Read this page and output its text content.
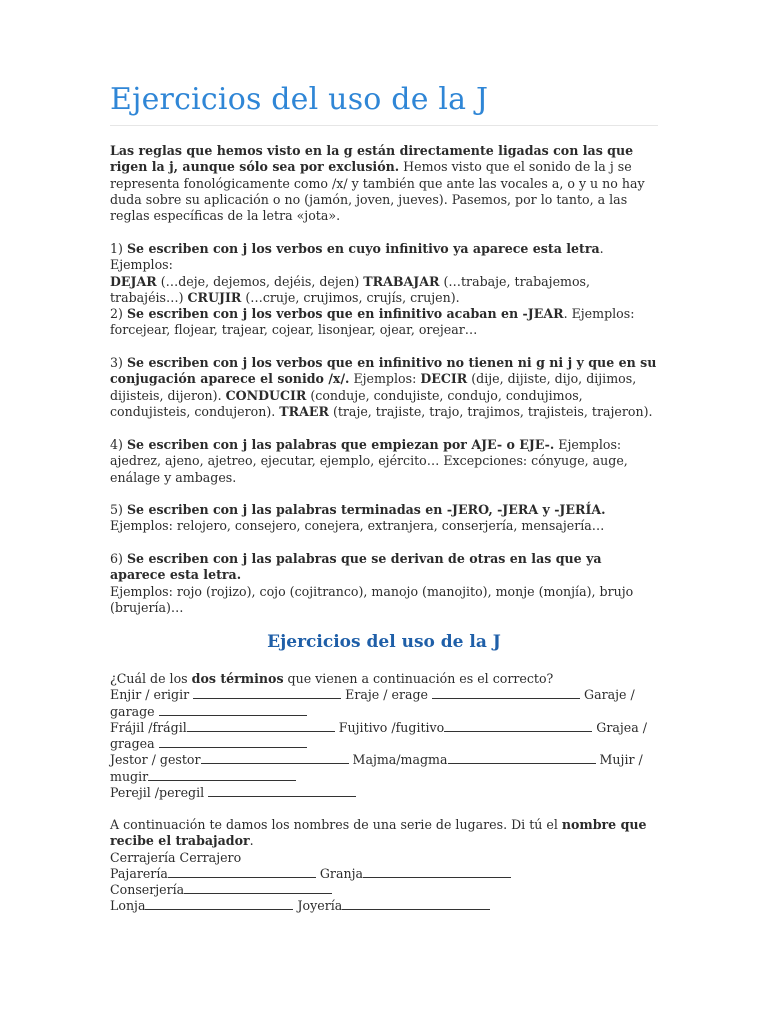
Ejercicios del uso de la J
Las reglas que hemos visto en la g están directamente ligadas con las que rigen la j, aunque sólo sea por exclusión. Hemos visto que el sonido de la j se representa fonológicamente como /x/ y también que ante las vocales a, o y u no hay duda sobre su aplicación o no (jamón, joven, jueves). Pasemos, por lo tanto, a las reglas específicas de la letra «jota».
1) Se escriben con j los verbos en cuyo infinitivo ya aparece esta letra. Ejemplos:
DEJAR (…deje, dejemos, dejéis, dejen) TRABAJAR (…trabaje, trabajemos, trabajéis…) CRUJIR (…cruje, crujimos, crujís, crujen).
2) Se escriben con j los verbos que en infinitivo acaban en -JEAR. Ejemplos: forcejear, flojear, trajear, cojear, lisonjear, ojear, orejear…
3) Se escriben con j los verbos que en infinitivo no tienen ni g ni j y que en su conjugación aparece el sonido /x/. Ejemplos: DECIR (dije, dijiste, dijo, dijimos, dijisteis, dijeron). CONDUCIR (conduje, condujiste, condujo, condujimos, condujisteis, condujeron). TRAER (traje, trajiste, trajo, trajimos, trajisteis, trajeron).
4) Se escriben con j las palabras que empiezan por AJE- o EJE-. Ejemplos: ajedrez, ajeno, ajetreo, ejecutar, ejemplo, ejército… Excepciones: cónyuge, auge, enálage y ambages.
5) Se escriben con j las palabras terminadas en -JERO, -JERA y -JERÍA. Ejemplos: relojero, consejero, conejera, extranjera, conserjería, mensajería…
6) Se escriben con j las palabras que se derivan de otras en las que ya aparece esta letra.
Ejemplos: rojo (rojizo), cojo (cojitranco), manojo (manojito), monje (monjía), brujo (brujería)…
Ejercicios del uso de la J

¿Cuál de los dos términos que vienen a continuación es el correcto?

Enjir / erigir	Eraje / erage	Garaje / garage

Frájil /frágil	Fujitivo /fugitivo	Grajea / gragea

Jestor / gestor	Majma/magma	Mujir / mugir

Perejil /peregil

A continuación te damos los nombres de una serie de lugares. Di tú el nombre que recibe el trabajador.

Cerrajería Cerrajero

Pajarería	Granja

Conserjería

Lonja	Joyería
